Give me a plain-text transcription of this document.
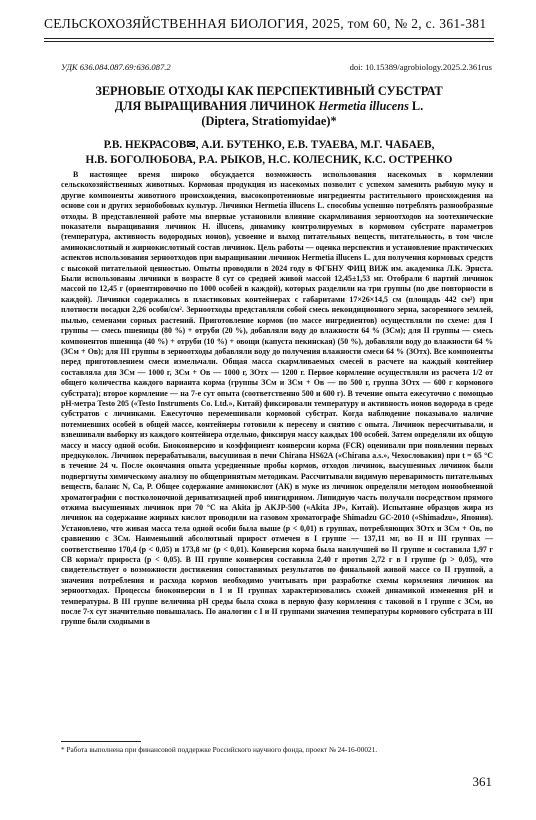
СЕЛЬСКОХОЗЯЙСТВЕННАЯ БИОЛОГИЯ, 2025, том 60, № 2, с. 361-381
УДК 636.084.087.69:636.087.2	doi: 10.15389/agrobiology.2025.2.361rus
ЗЕРНОВЫЕ ОТХОДЫ КАК ПЕРСПЕКТИВНЫЙ СУБСТРАТ
ДЛЯ ВЫРАЩИВАНИЯ ЛИЧИНОК Hermetia illucens L.
(Diptera, Stratiomyidae)*
Р.В. НЕКРАСОВ✉, А.И. БУТЕНКО, Е.В. ТУАЕВА, М.Г. ЧАБАЕВ,
Н.В. БОГОЛЮБОВА, Р.А. РЫКОВ, Н.С. КОЛЕСНИК, К.С. ОСТРЕНКО

В настоящее время широко обсуждается возможность использования насекомых в кормлении сельскохозяйственных животных. Кормовая продукция из насекомых позволит с успехом заменить рыбную муку и другие компоненты животного происхождения, высокопротеиновые ингредиенты растительного происхождения на основе сои и других зернобобовых культур. Личинки Hermetia illucens L. способны успешно потреблять разнообразные отходы. В представленной работе мы впервые установили влияние скармливания зерноотходов на зоотехнические показатели выращивания личинок H. illucens, динамику контролируемых в кормовом субстрате параметров (температура, активность водородных ионов), усвоение и выход питательных веществ, питательность, в том числе аминокислотный и жирнокислотный состав личинок. Цель работы — оценка перспектив и установление практических аспектов использования зерноотходов при выращивании личинок Hermetia illucens L. для получения кормовых средств с высокой питательной ценностью. Опыты проводили в 2024 году в ФГБНУ ФИЦ ВИЖ им. академика Л.К. Эрнста. Были использованы личинки в возрасте 8 сут со средней живой массой 12,45±1,53 мг. Отобрали 6 партий личинок массой по 12,45 г (ориентировочно по 1000 особей в каждой), которых разделили на три группы (по две повторности в каждой). Личинки содержались в пластиковых контейнерах с габаритами 17×26×14,5 см (площадь 442 см²) при плотности посадки 2,26 особи/см². Зерноотходы представляли собой смесь некондиционного зерна, засоренного землей, пылью, семенами сорных растений. Приготовление кормов (по массе ингредиентов) осуществляли по схеме: для I группы — смесь пшеницы (80 %) + отруби (20 %), добавляли воду до влажности 64 % (ЗСм); для II группы — смесь компонентов пшеница (40 %) + отруби (10 %) + овощи (капуста пекинская) (50 %), добавляли воду до влажности 64 % (ЗСм + Ов); для III группы в зерноотходы добавляли воду до получения влажности смеси 64 % (ЗОтх). Все компоненты перед приготовлением смеси измельчали. Общая масса скармливаемых смесей в расчете на каждый контейнер составляла для ЗСм — 1000 г, ЗСм + Ов — 1000 г, ЗОтх — 1200 г. Первое кормление осуществляли из расчета 1/2 от общего количества каждого варианта корма (группы ЗСм и ЗСм + Ов — по 500 г, группа ЗОтх — 600 г кормового субстрата); второе кормление — на 7-е сут опыта (соответственно 500 и 600 г). В течение опыта ежесуточно с помощью pH-метра Testo 205 («Testo Instruments Co. Ltd.», Китай) фиксировали температуру и активность ионов водорода в среде субстратов с личинками. Ежесуточно перемешивали кормовой субстрат. Когда наблюдение показывало наличие потемневших особей в общей массе, контейнеры готовили к пересеву и снятию с опыта. Личинок пересчитывали, и взвешивали выборку из каждого контейнера отдельно, фиксируя массу каждых 100 особей. Затем определяли их общую массу и массу одной особи. Биоконверсию и коэффициент конверсии корма (FCR) оценивали при появлении первых предкуколок. Личинок перерабатывали, высушивая в печи Chirana HS62A («Chirana a.s.», Чехословакия) при t = 65 °C в течение 24 ч. После окончания опыта усредненные пробы кормов, отходов личинок, высушенных личинок были подвергнуты химическому анализу по общепринятым методикам. Рассчитывали видимую переваримость питательных веществ, баланс N, Ca, P. Общее содержание аминокислот (АК) в муке из личинок определяли методом ионообменной хроматографии с постколоночной дериватизацией проб нингидрином. Липидную часть получали посредством прямого отжима высушенных личинок при 70 °C на Akita jp AKJP-500 («Akita JP», Китай). Испытание образцов жира из личинок на содержание жирных кислот проводили на газовом хроматографе Shimadzu GC-2010 («Shimadzu», Япония). Установлено, что живая масса тела одной особи была выше (p < 0,01) в группах, потребляющих ЗОтх и ЗСм + Ов, по сравнению с ЗСм. Наименьший абсолютный прирост отмечен в I группе — 137,11 мг, во II и III группах — соответственно 170,4 (p < 0,05) и 173,8 мг (p < 0,01). Конверсия корма была наилучшей во II группе и составила 1,97 г СВ корма/г прироста (p < 0,05). В III группе конверсия составила 2,40 г против 2,72 г в I группе (p > 0,05), что свидетельствует о возможности достижения сопоставимых результатов по финальной живой массе со II группой, а значения потребления и расхода кормов необходимо учитывать при разработке схемы кормления личинок на зерноотходах. Процессы биоконверсии в I и II группах характеризовались схожей динамикой изменения pH и температуры. В III группе величина pH среды была схожа в первую фазу кормления с таковой в I группе с ЗСм, но после 7-х сут значительно повышалась. По аналогии с I и II группами значения температуры кормового субстрата в III группе были сходными в

* Работа выполнена при финансовой поддержке Российского научного фонда, проект № 24-16-00021.
361
